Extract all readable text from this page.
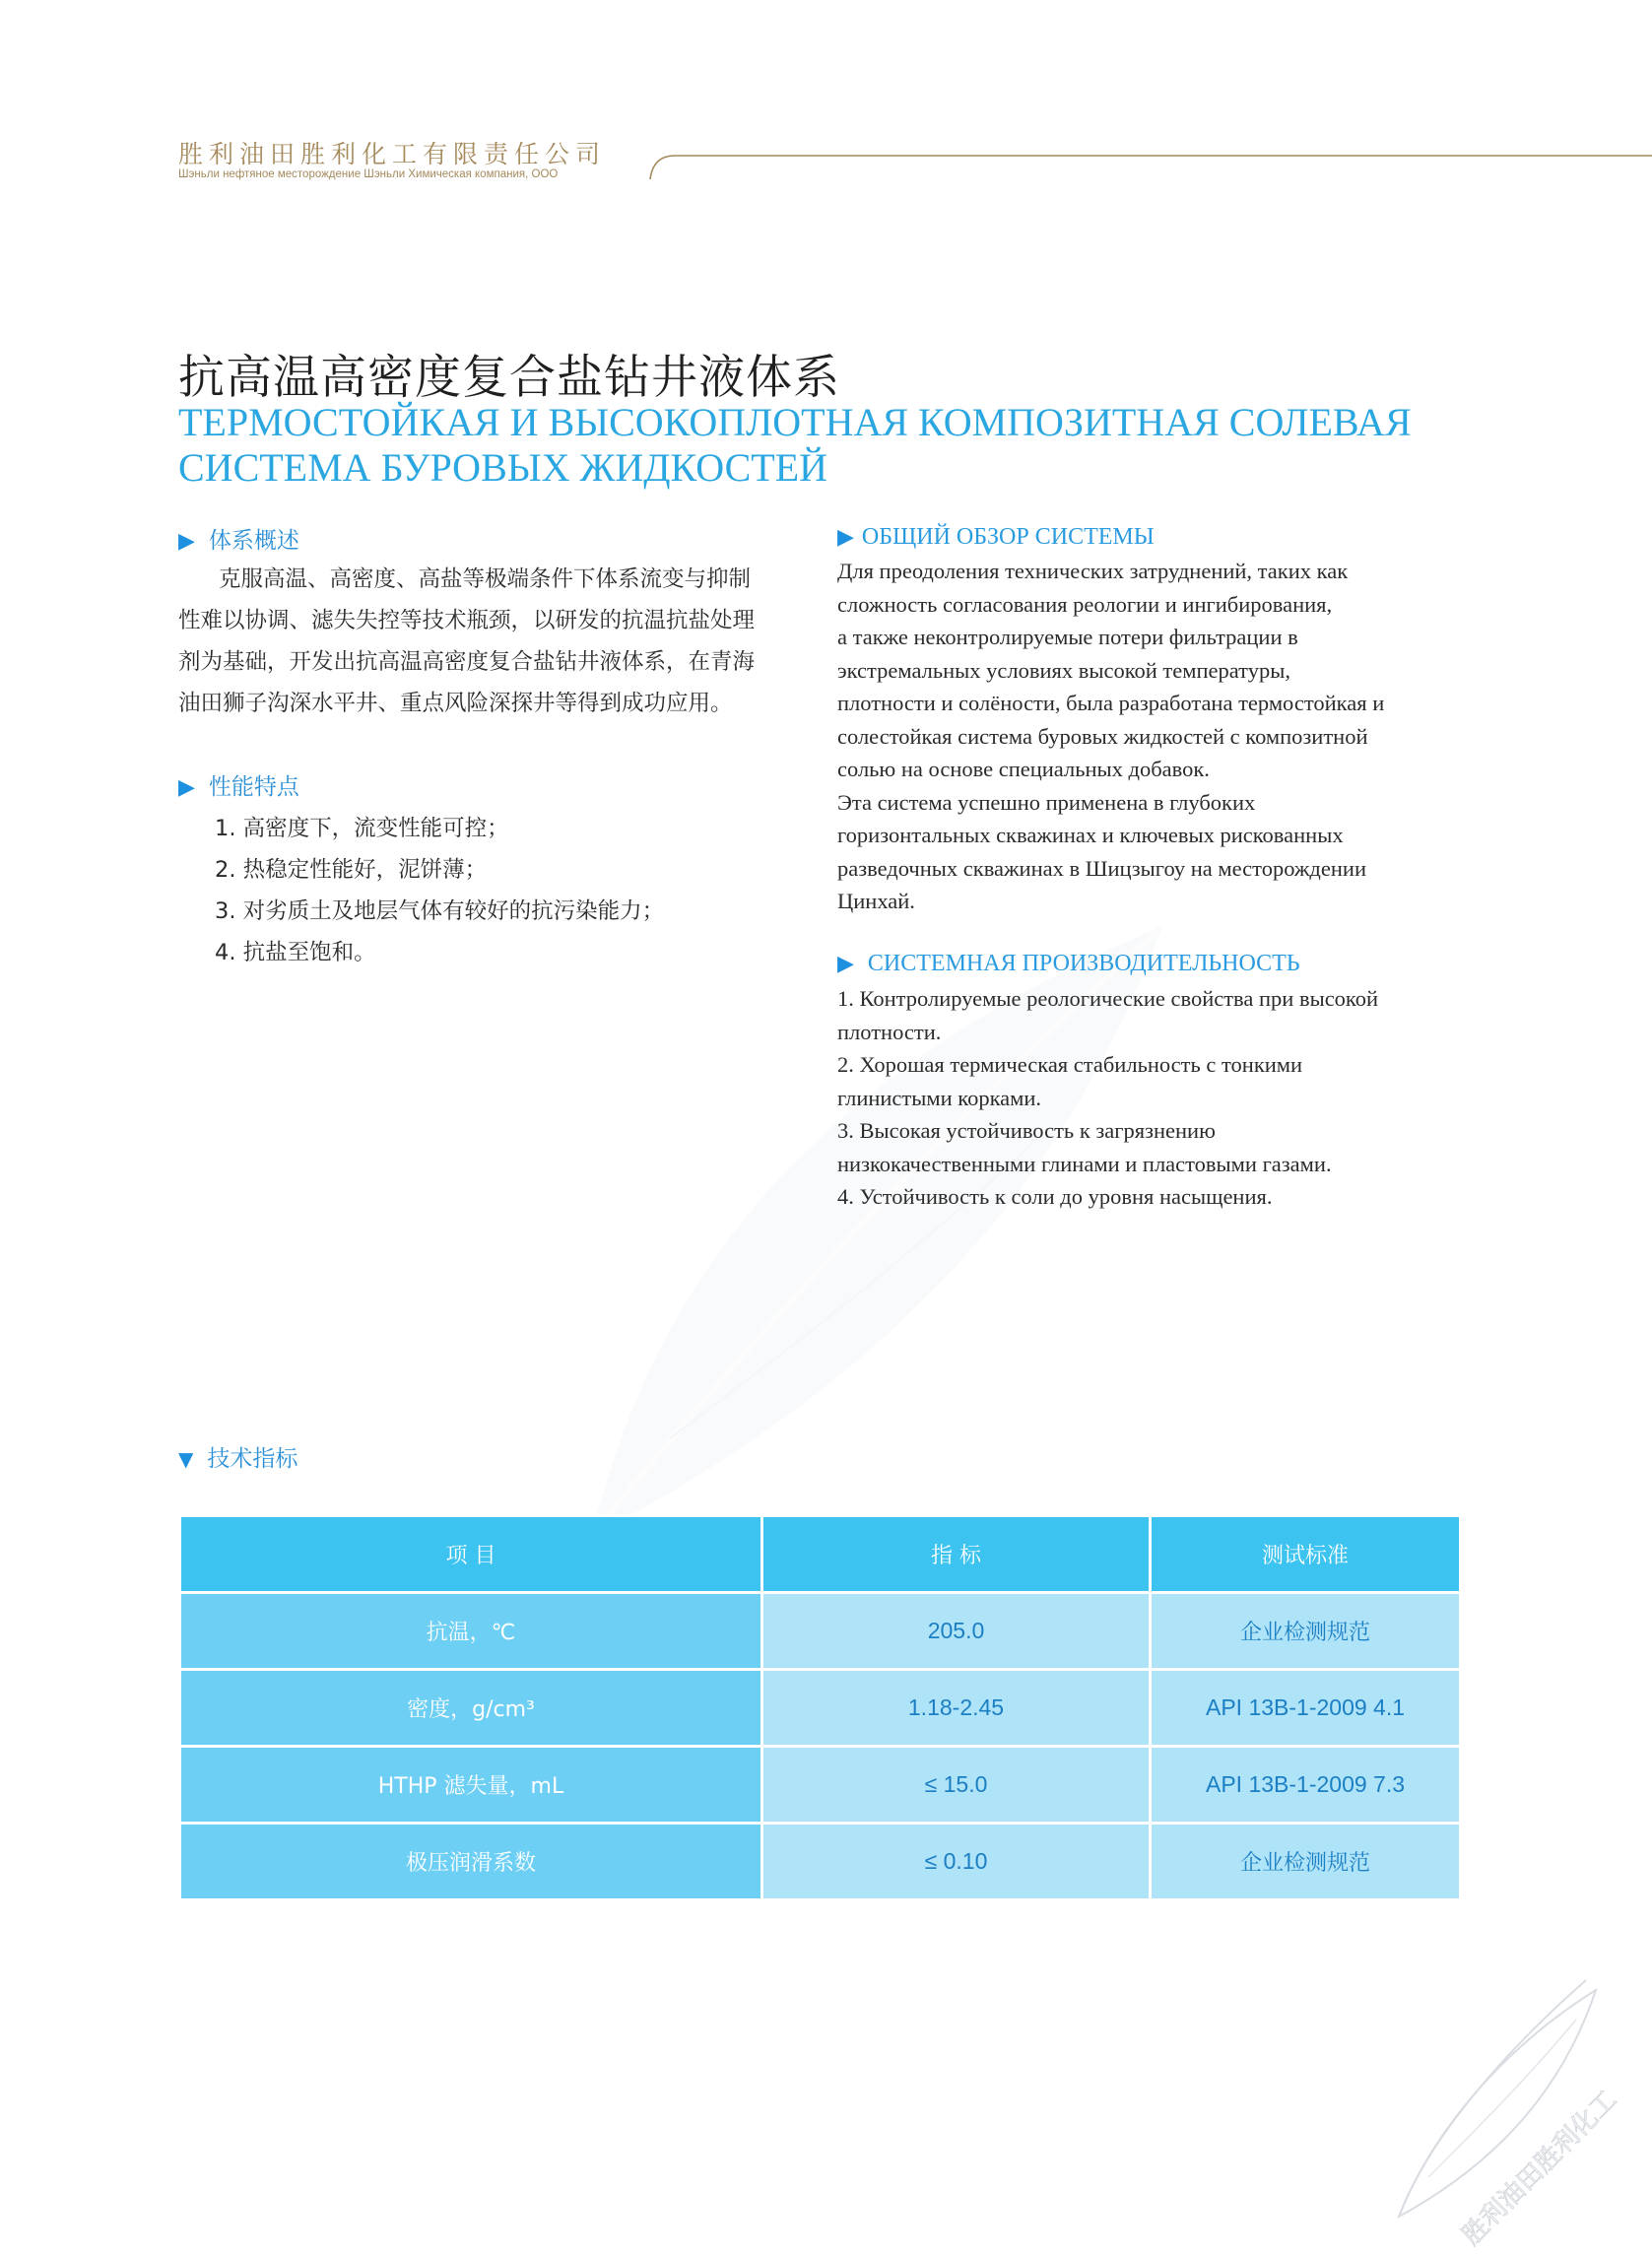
胜利油田胜利化工有限责任公司
Шэньли нефтяное месторождение Шэньли Химическая компания, ООО
抗高温高密度复合盐钻井液体系
ТЕРМОСТОЙКАЯ И ВЫСОКОПЛОТНАЯ КОМПОЗИТНАЯ СОЛЕВАЯ
СИСТЕМА БУРОВЫХ ЖИДКОСТЕЙ
▶ 体系概述
克服高温、高密度、高盐等极端条件下体系流变与抑制
性难以协调、滤失失控等技术瓶颈，以研发的抗温抗盐处理
剂为基础，开发出抗高温高密度复合盐钻井液体系，在青海
油田狮子沟深水平井、重点风险深探井等得到成功应用。
▶ 性能特点
1. 高密度下，流变性能可控；
2. 热稳定性能好，泥饼薄；
3. 对劣质土及地层气体有较好的抗污染能力；
4. 抗盐至饱和。
▶ ОБЩИЙ ОБЗОР СИСТЕМЫ
Для преодоления технических затруднений, таких как
сложность согласования реологии и ингибирования,
а также неконтролируемые потери фильтрации в
экстремальных условиях высокой температуры,
плотности и солёности, была разработана термостойкая и
солестойкая система буровых жидкостей с композитной
солью на основе специальных добавок.
Эта система успешно применена в глубоких
горизонтальных скважинах и ключевых рискованных
разведочных скважинах в Шицзыгоу на месторождении
Цинхай.
▶ СИСТЕМНАЯ ПРОИЗВОДИТЕЛЬНОСТЬ
1. Контролируемые реологические свойства при высокой
плотности.
2. Хорошая термическая стабильность с тонкими
глинистыми корками.
3. Высокая устойчивость к загрязнению
низкокачественными глинами и пластовыми газами.
4. Устойчивость к соли до уровня насыщения.
▼ 技术指标
项 目	指 标	测试标准
抗温，℃	205.0	企业检测规范
密度，g/cm³	1.18-2.45	API 13B-1-2009 4.1
HTHP 滤失量，mL	≤ 15.0	API 13B-1-2009 7.3
极压润滑系数	≤ 0.10	企业检测规范
胜利油田胜利化工
